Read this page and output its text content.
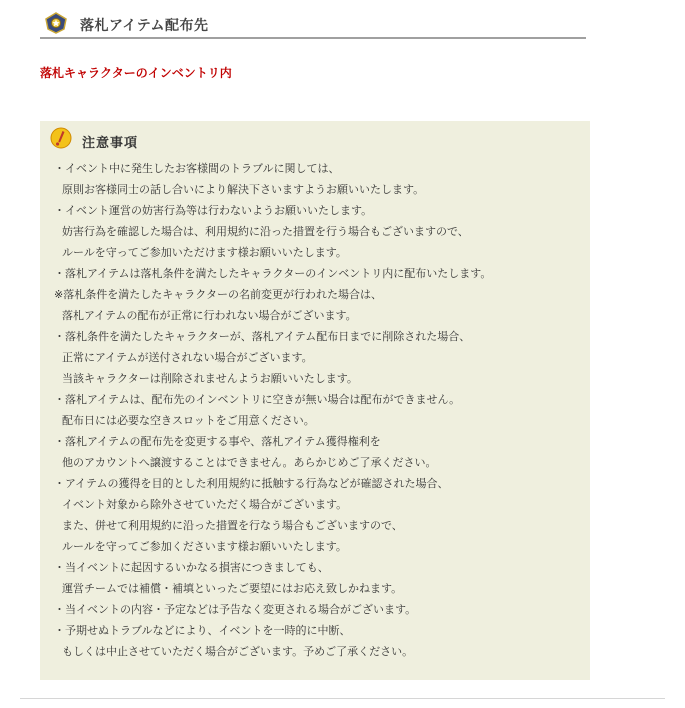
落札アイテム配布先
落札キャラクターのインベントリ内
注意事項
・イベント中に発生したお客様間のトラブルに関しては、
原則お客様同士の話し合いにより解決下さいますようお願いいたします。
・イベント運営の妨害行為等は行わないようお願いいたします。
妨害行為を確認した場合は、利用規約に沿った措置を行う場合もございますので、
ルールを守ってご参加いただけます様お願いいたします。
・落札アイテムは落札条件を満たしたキャラクターのインベントリ内に配布いたします。
※落札条件を満たしたキャラクターの名前変更が行われた場合は、
落札アイテムの配布が正常に行われない場合がございます。
・落札条件を満たしたキャラクターが、落札アイテム配布日までに削除された場合、
正常にアイテムが送付されない場合がございます。
当該キャラクターは削除されませんようお願いいたします。
・落札アイテムは、配布先のインベントリに空きが無い場合は配布ができません。
配布日には必要な空きスロットをご用意ください。
・落札アイテムの配布先を変更する事や、落札アイテム獲得権利を
他のアカウントへ譲渡することはできません。あらかじめご了承ください。
・アイテムの獲得を目的とした利用規約に抵触する行為などが確認された場合、
イベント対象から除外させていただく場合がございます。
また、併せて利用規約に沿った措置を行なう場合もございますので、
ルールを守ってご参加くださいます様お願いいたします。
・当イベントに起因するいかなる損害につきましても、
運営チームでは補償・補填といったご要望にはお応え致しかねます。
・当イベントの内容・予定などは予告なく変更される場合がございます。
・予期せぬトラブルなどにより、イベントを一時的に中断、
もしくは中止させていただく場合がございます。予めご了承ください。
